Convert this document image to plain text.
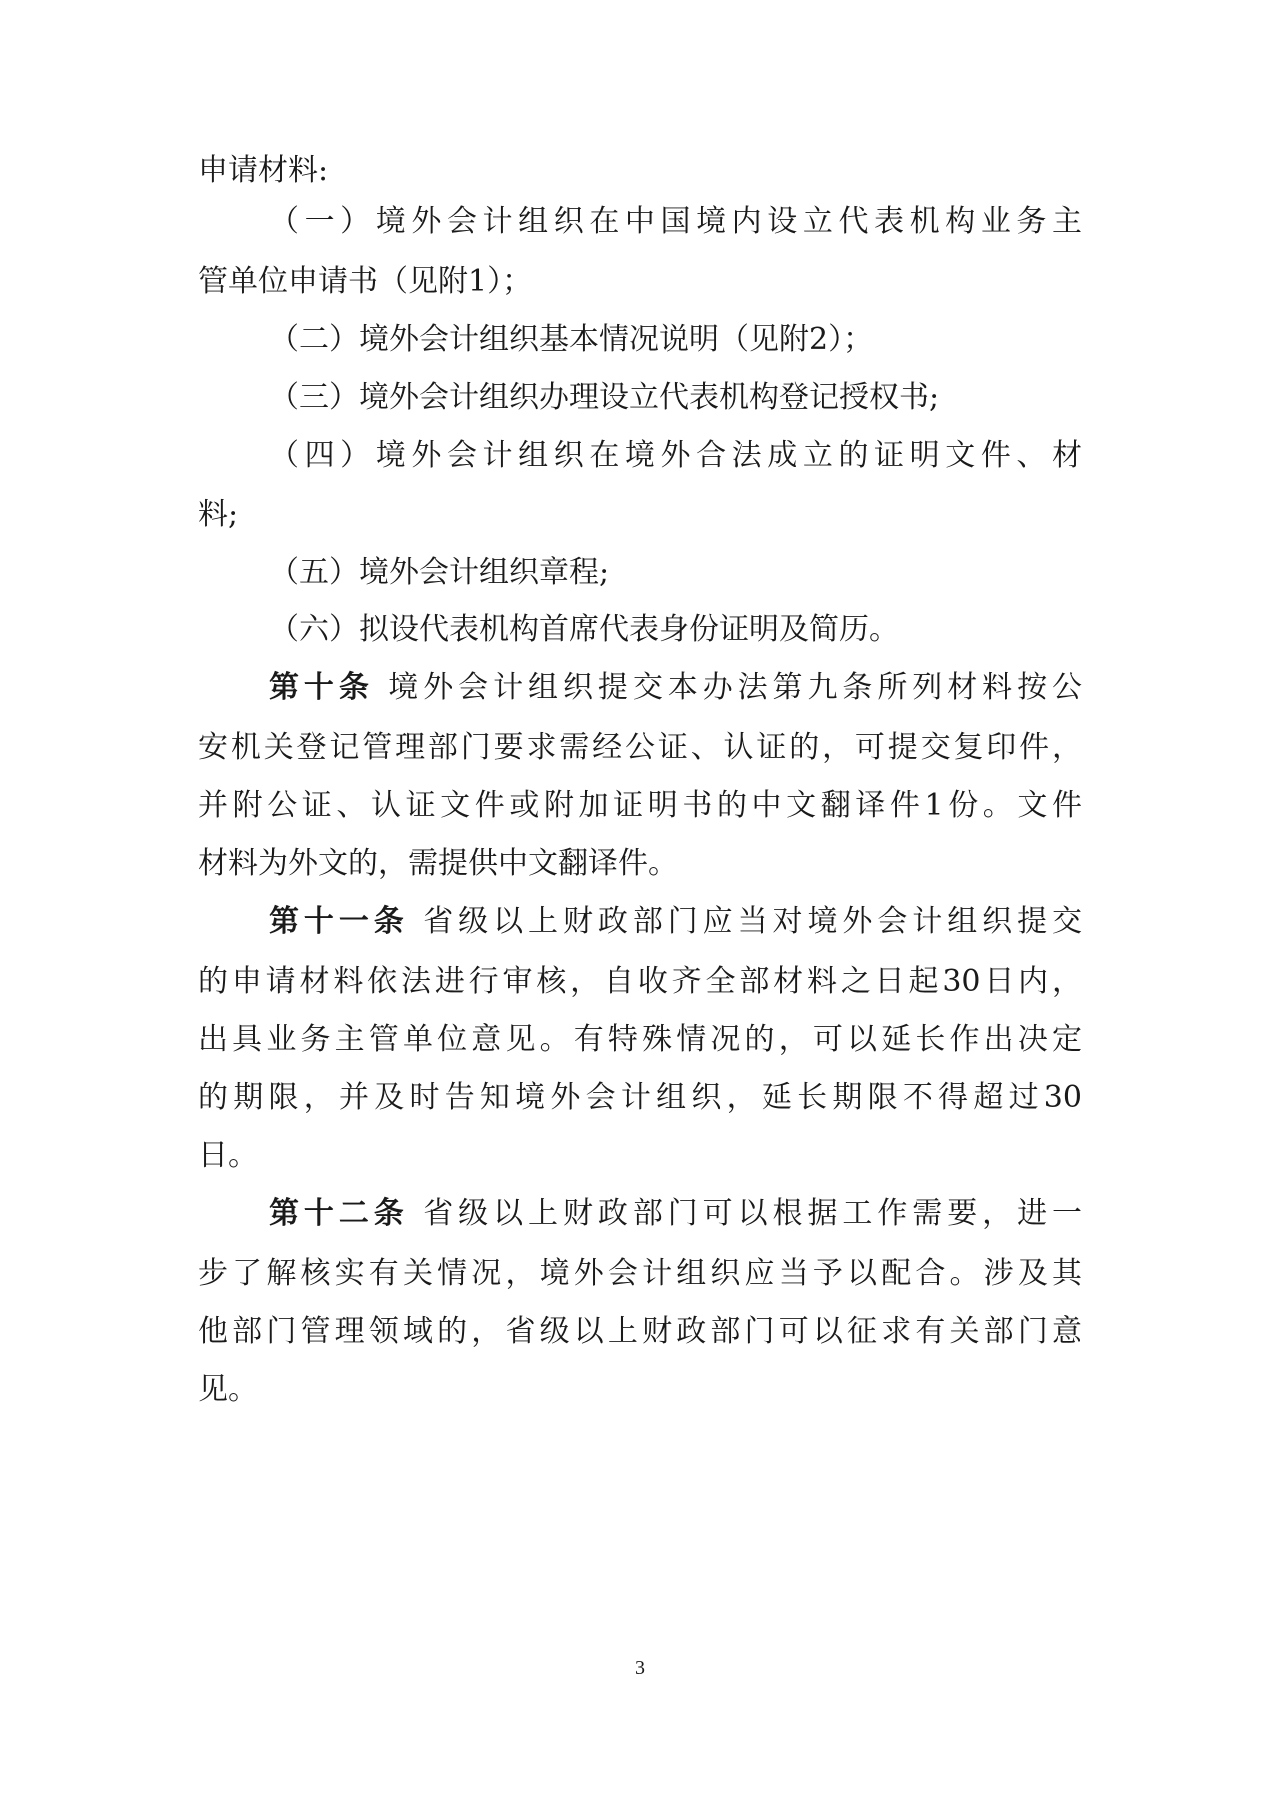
申请材料:
（一）境外会计组织在中国境内设立代表机构业务主
管单位申请书（见附1）；
（二）境外会计组织基本情况说明（见附2）；
（三）境外会计组织办理设立代表机构登记授权书;
（四）境外会计组织在境外合法成立的证明文件、材
料;
（五）境外会计组织章程;
（六）拟设代表机构首席代表身份证明及简历。
第十条 境外会计组织提交本办法第九条所列材料按公
安机关登记管理部门要求需经公证、认证的，可提交复印件，
并附公证、认证文件或附加证明书的中文翻译件1份。文件
材料为外文的，需提供中文翻译件。
第十一条 省级以上财政部门应当对境外会计组织提交
的申请材料依法进行审核，自收齐全部材料之日起30日内，
出具业务主管单位意见。有特殊情况的，可以延长作出决定
的期限，并及时告知境外会计组织，延长期限不得超过30
日。
第十二条 省级以上财政部门可以根据工作需要，进一
步了解核实有关情况，境外会计组织应当予以配合。涉及其
他部门管理领域的，省级以上财政部门可以征求有关部门意
见。
3
